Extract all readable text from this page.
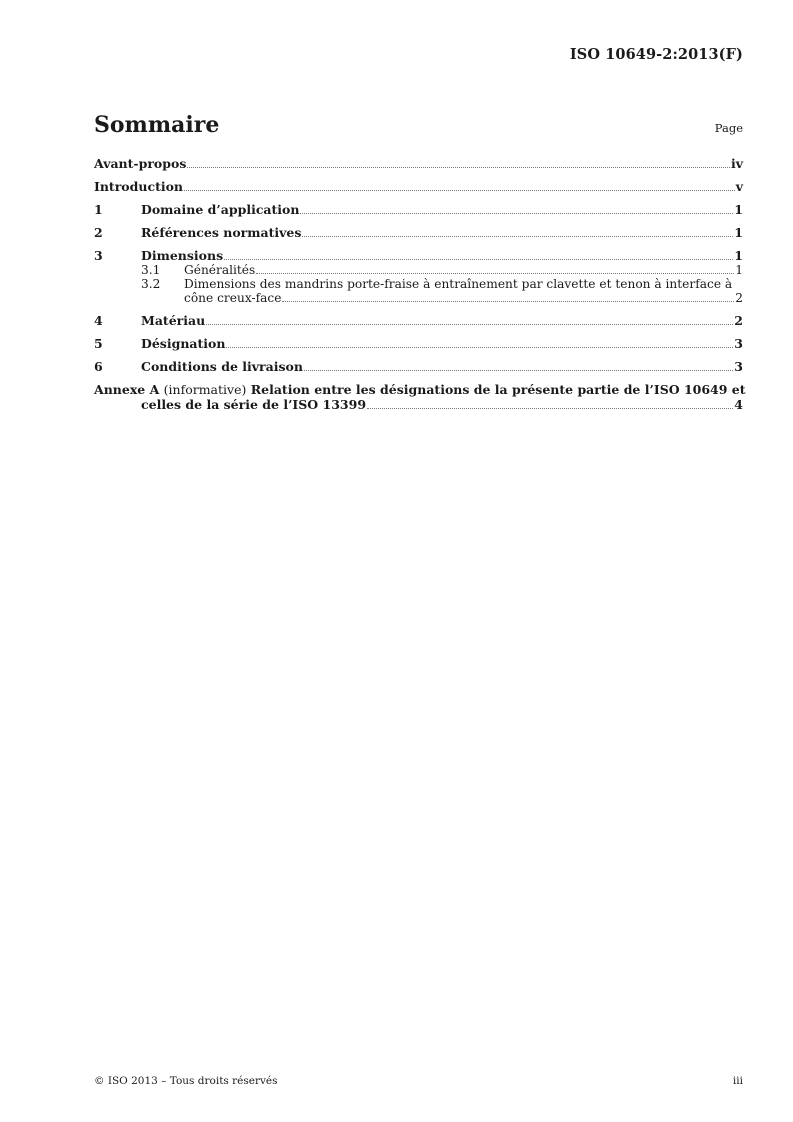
ISO 10649-2:2013(F)
Sommaire	Page
Avant-propos	iv
Introduction	v
1	Domaine d’application	1
2	Références normatives	1
3	Dimensions	1
3.1	Généralités	1
3.2	Dimensions des mandrins porte-fraise à entraînement par clavette et tenon à interface à
cône creux-face	2
4	Matériau	2
5	Désignation	3
6	Conditions de livraison	3
Annexe A (informative) Relation entre les désignations de la présente partie de l’ISO 10649 et
celles de la série de l’ISO 13399	4
© ISO 2013 – Tous droits réservés	iii
